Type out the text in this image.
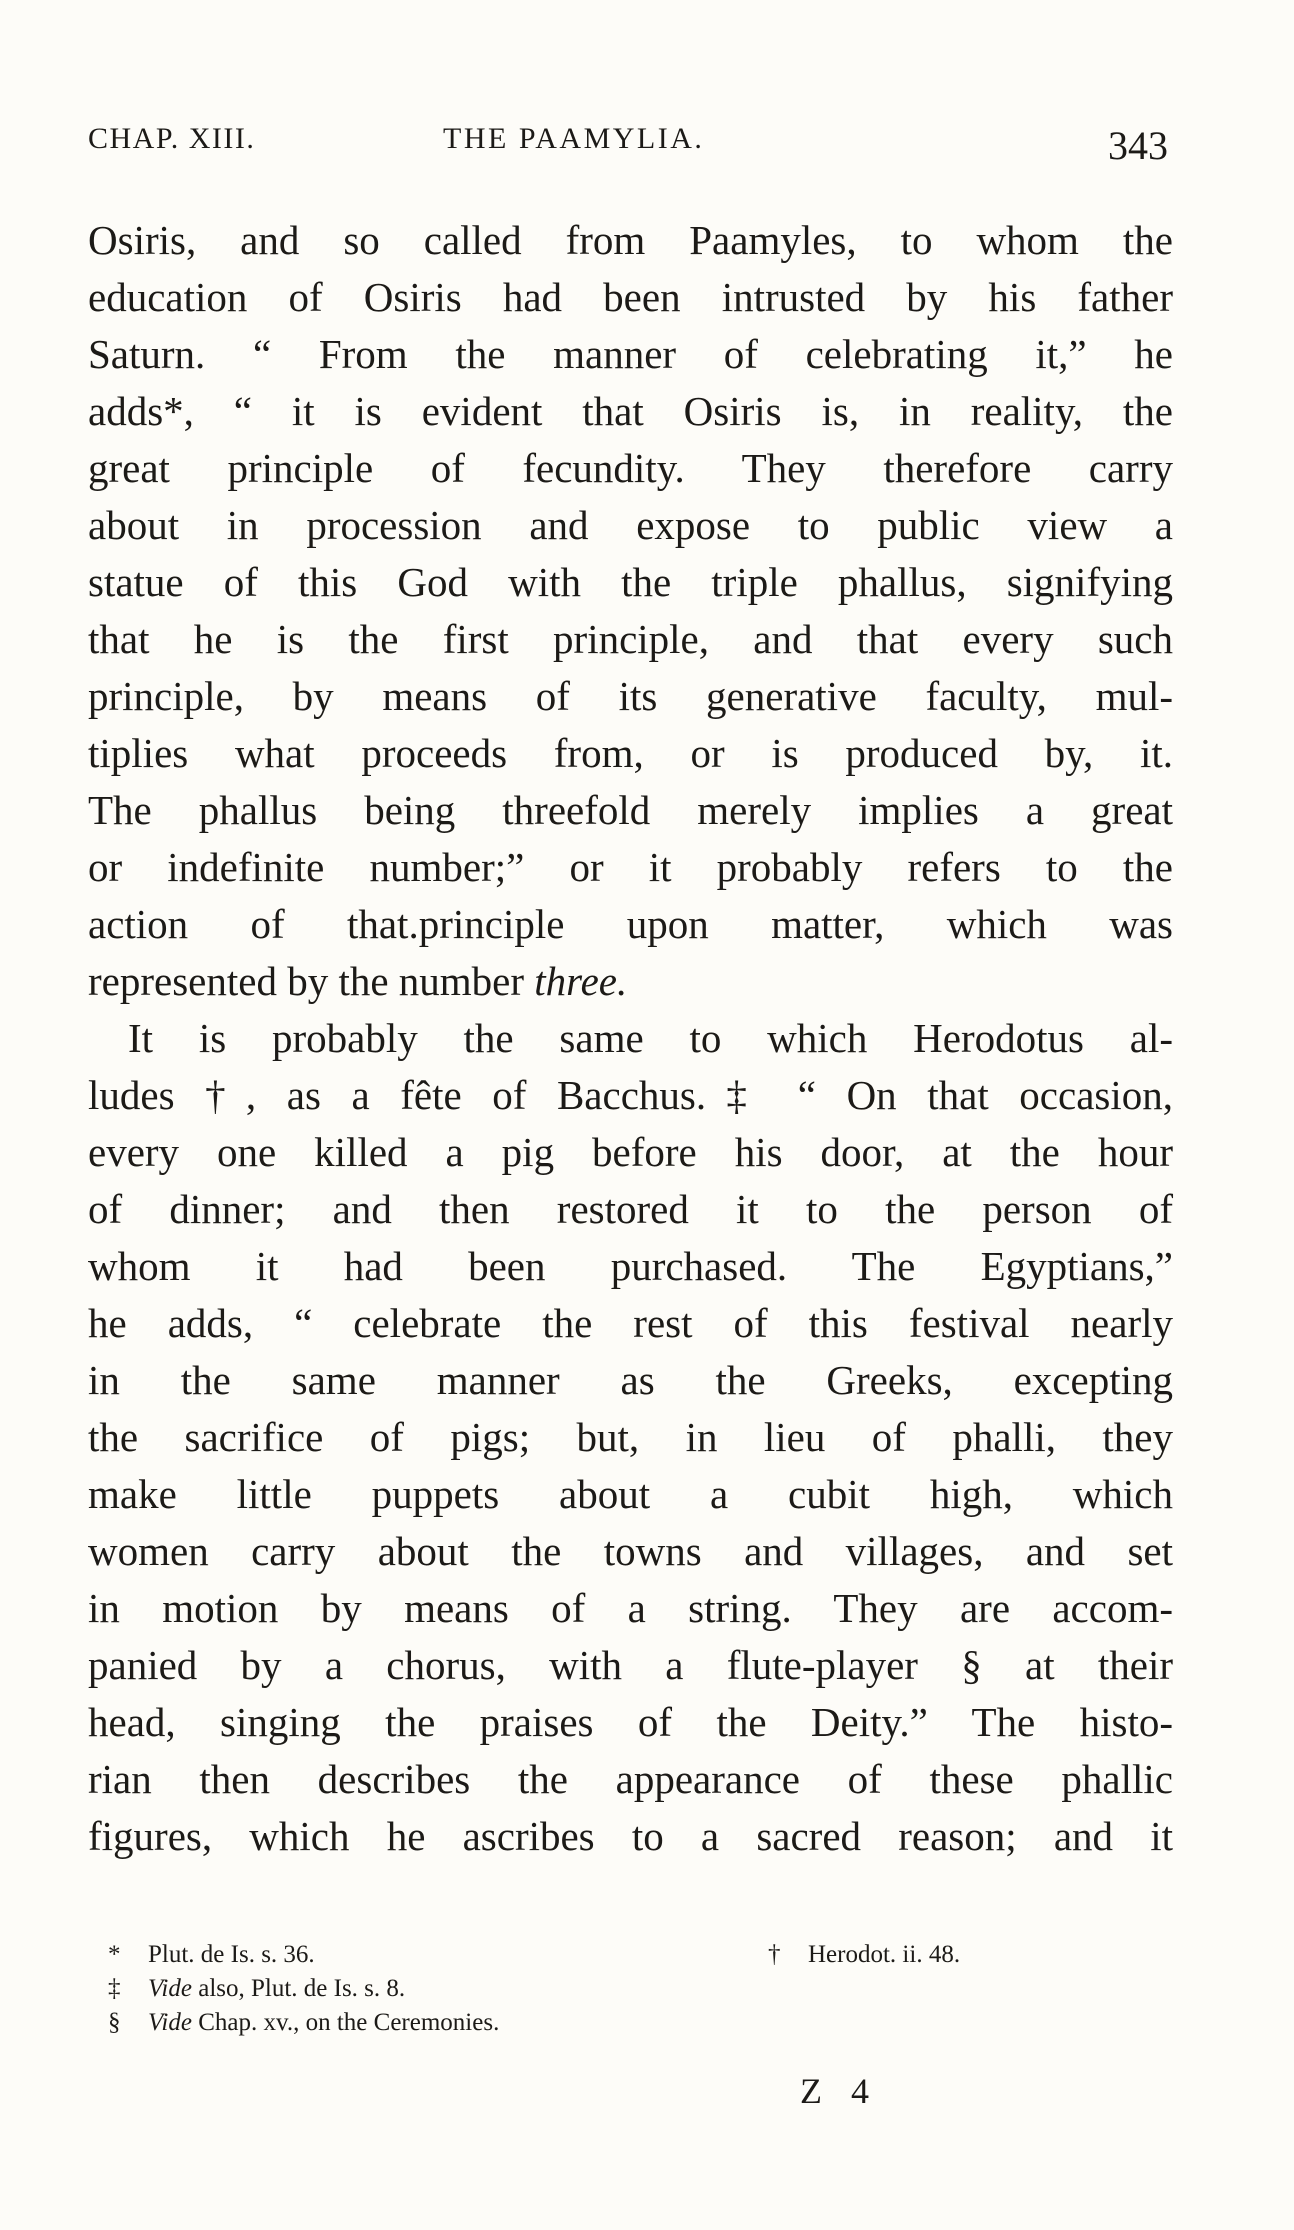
CHAP. XIII.	THE PAAMYLIA.	343
Osiris, and so called from Paamyles, to whom the
education of Osiris had been intrusted by his father
Saturn. “ From the manner of celebrating it,” he
adds*, “ it is evident that Osiris is, in reality, the
great principle of fecundity. They therefore carry
about in procession and expose to public view a
statue of this God with the triple phallus, signifying
that he is the first principle, and that every such
principle, by means of its generative faculty, mul-
tiplies what proceeds from, or is produced by, it.
The phallus being threefold merely implies a great
or indefinite number;” or it probably refers to the
action of that.principle upon matter, which was
represented by the number three.
It is probably the same to which Herodotus al-
ludes †, as a fête of Bacchus.‡ “ On that occasion,
every one killed a pig before his door, at the hour
of dinner; and then restored it to the person of
whom it had been purchased. The Egyptians,”
he adds, “ celebrate the rest of this festival nearly
in the same manner as the Greeks, excepting
the sacrifice of pigs; but, in lieu of phalli, they
make little puppets about a cubit high, which
women carry about the towns and villages, and set
in motion by means of a string. They are accom-
panied by a chorus, with a flute-player § at their
head, singing the praises of the Deity.” The histo-
rian then describes the appearance of these phallic
figures, which he ascribes to a sacred reason; and it
* Plut. de Is. s. 36.	† Herodot. ii. 48.
‡ Vide also, Plut. de Is. s. 8.
§ Vide Chap. xv., on the Ceremonies.
Z 4
